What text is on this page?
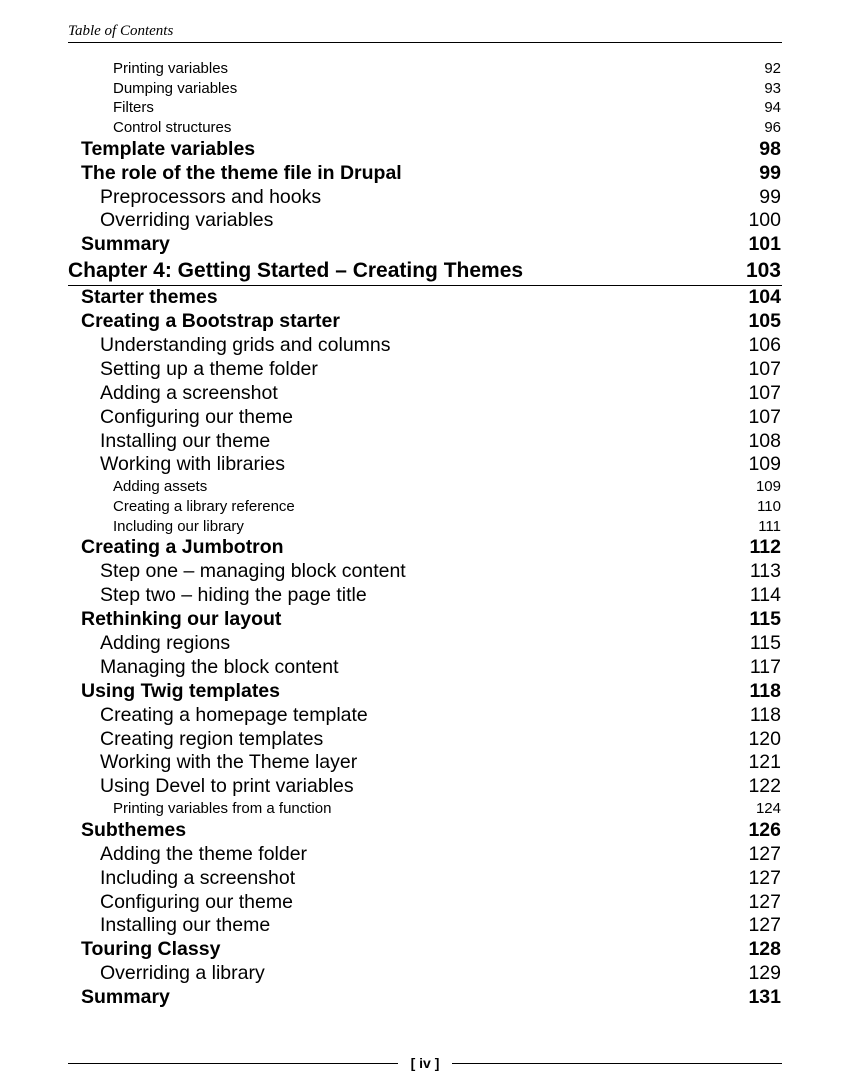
Table of Contents
Printing variables	92
Dumping variables	93
Filters	94
Control structures	96
Template variables	98
The role of the theme file in Drupal	99
Preprocessors and hooks	99
Overriding variables	100
Summary	101
Chapter 4: Getting Started – Creating Themes	103
Starter themes	104
Creating a Bootstrap starter	105
Understanding grids and columns	106
Setting up a theme folder	107
Adding a screenshot	107
Configuring our theme	107
Installing our theme	108
Working with libraries	109
Adding assets	109
Creating a library reference	110
Including our library	111
Creating a Jumbotron	112
Step one – managing block content	113
Step two – hiding the page title	114
Rethinking our layout	115
Adding regions	115
Managing the block content	117
Using Twig templates	118
Creating a homepage template	118
Creating region templates	120
Working with the Theme layer	121
Using Devel to print variables	122
Printing variables from a function	124
Subthemes	126
Adding the theme folder	127
Including a screenshot	127
Configuring our theme	127
Installing our theme	127
Touring Classy	128
Overriding a library	129
Summary	131
[ iv ]
